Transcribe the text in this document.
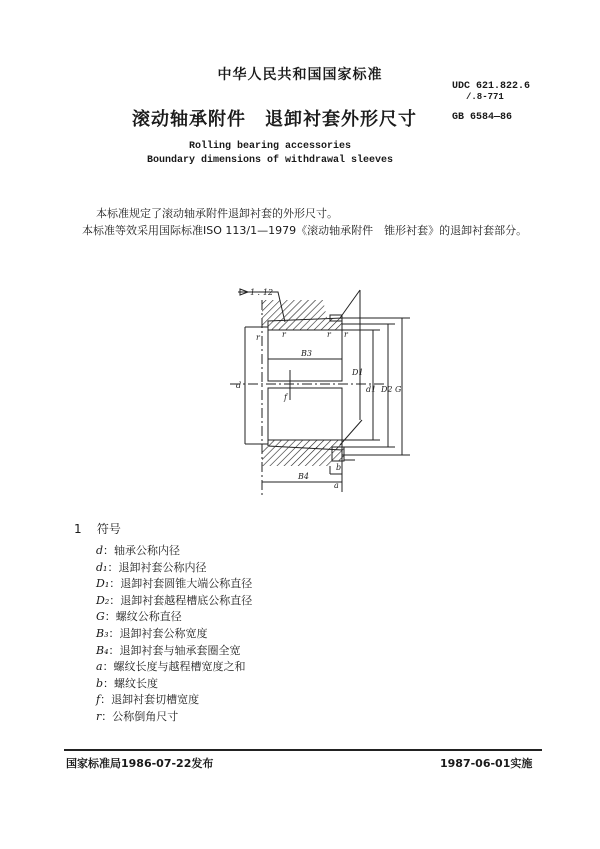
中华人民共和国国家标准
UDC 621.822.6
/.8-771
滚动轴承附件　退卸衬套外形尺寸	GB 6584—86
Rolling bearing accessories
Boundary dimensions of withdrawal sleeves
本标准规定了滚动轴承附件退卸衬套的外形尺寸。
本标准等效采用国际标准ISO 113/1—1979《滚动轴承附件　锥形衬套》的退卸衬套部分。
1 : 12
r	r	r r
B3
B4
d
D1
d1 D2 G
f
b
a
1 符号
d：轴承公称内径
d₁：退卸衬套公称内径
D₁：退卸衬套圆锥大端公称直径
D₂：退卸衬套越程槽底公称直径
G：螺纹公称直径
B₃：退卸衬套公称宽度
B₄：退卸衬套与轴承套圈全宽
a：螺纹长度与越程槽宽度之和
b：螺纹长度
f：退卸衬套切槽宽度
r：公称倒角尺寸
国家标准局1986-07-22发布	1987-06-01实施
